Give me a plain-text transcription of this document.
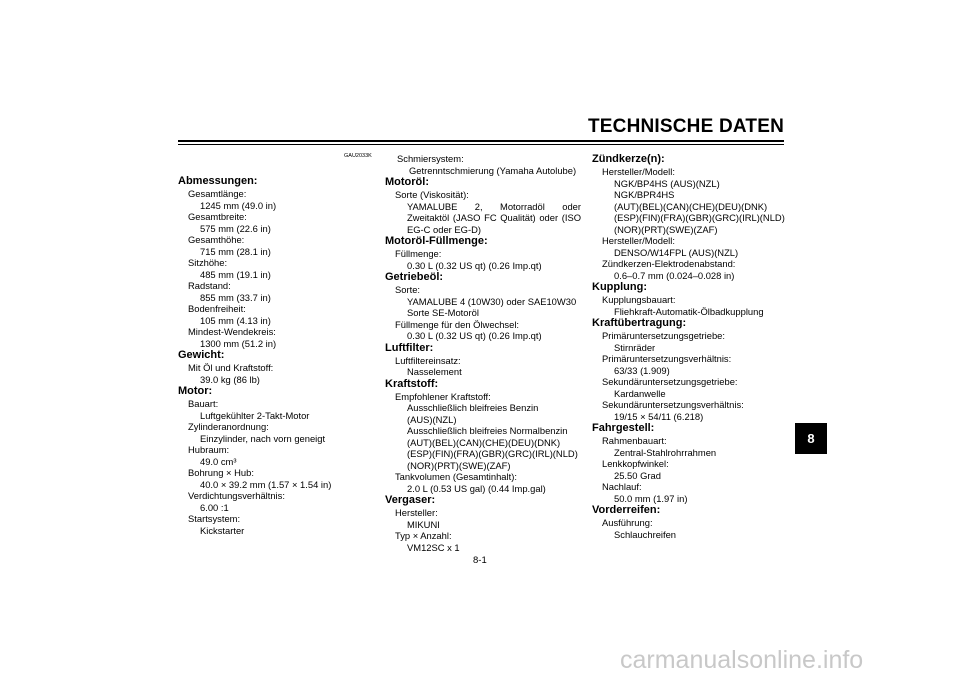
TECHNISCHE DATEN
GAU2033K
Abmessungen:
Gesamtlänge:
1245 mm (49.0 in)
Gesamtbreite:
575 mm (22.6 in)
Gesamthöhe:
715 mm (28.1 in)
Sitzhöhe:
485 mm (19.1 in)
Radstand:
855 mm (33.7 in)
Bodenfreiheit:
105 mm (4.13 in)
Mindest-Wendekreis:
1300 mm (51.2 in)
Gewicht:
Mit Öl und Kraftstoff:
39.0 kg (86 lb)
Motor:
Bauart:
Luftgekühlter 2-Takt-Motor
Zylinderanordnung:
Einzylinder, nach vorn geneigt
Hubraum:
49.0 cm³
Bohrung × Hub:
40.0 × 39.2 mm (1.57 × 1.54 in)
Verdichtungsverhältnis:
6.00 :1
Startsystem:
Kickstarter
Schmiersystem:
Getrenntschmierung (Yamaha Autolube)
Motoröl:
Sorte (Viskosität):
YAMALUBE 2, Motorradöl oder Zweitaktöl (JASO FC Qualität) oder (ISO EG-C oder EG-D)
Motoröl-Füllmenge:
Füllmenge:
0.30 L (0.32 US qt) (0.26 Imp.qt)
Getriebeöl:
Sorte:
YAMALUBE 4 (10W30) oder SAE10W30
Sorte SE-Motoröl
Füllmenge für den Ölwechsel:
0.30 L (0.32 US qt) (0.26 Imp.qt)
Luftfilter:
Luftfiltereinsatz:
Nasselement
Kraftstoff:
Empfohlener Kraftstoff:
Ausschließlich bleifreies Benzin
(AUS)(NZL)
Ausschließlich bleifreies Normalbenzin
(AUT)(BEL)(CAN)(CHE)(DEU)(DNK)
(ESP)(FIN)(FRA)(GBR)(GRC)(IRL)(NLD)
(NOR)(PRT)(SWE)(ZAF)
Tankvolumen (Gesamtinhalt):
2.0 L (0.53 US gal) (0.44 Imp.gal)
Vergaser:
Hersteller:
MIKUNI
Typ × Anzahl:
VM12SC x 1
Zündkerze(n):
Hersteller/Modell:
NGK/BP4HS (AUS)(NZL)
NGK/BPR4HS
(AUT)(BEL)(CAN)(CHE)(DEU)(DNK)
(ESP)(FIN)(FRA)(GBR)(GRC)(IRL)(NLD)
(NOR)(PRT)(SWE)(ZAF)
Hersteller/Modell:
DENSO/W14FPL (AUS)(NZL)
Zündkerzen-Elektrodenabstand:
0.6–0.7 mm (0.024–0.028 in)
Kupplung:
Kupplungsbauart:
Fliehkraft-Automatik-Ölbadkupplung
Kraftübertragung:
Primäruntersetzungsgetriebe:
Stirnräder
Primäruntersetzungsverhältnis:
63/33 (1.909)
Sekundäruntersetzungsgetriebe:
Kardanwelle
Sekundäruntersetzungsverhältnis:
19/15 × 54/11 (6.218)
Fahrgestell:
Rahmenbauart:
Zentral-Stahlrohrrahmen
Lenkkopfwinkel:
25.50 Grad
Nachlauf:
50.0 mm (1.97 in)
Vorderreifen:
Ausführung:
Schlauchreifen
8
8-1
carmanualsonline.info
